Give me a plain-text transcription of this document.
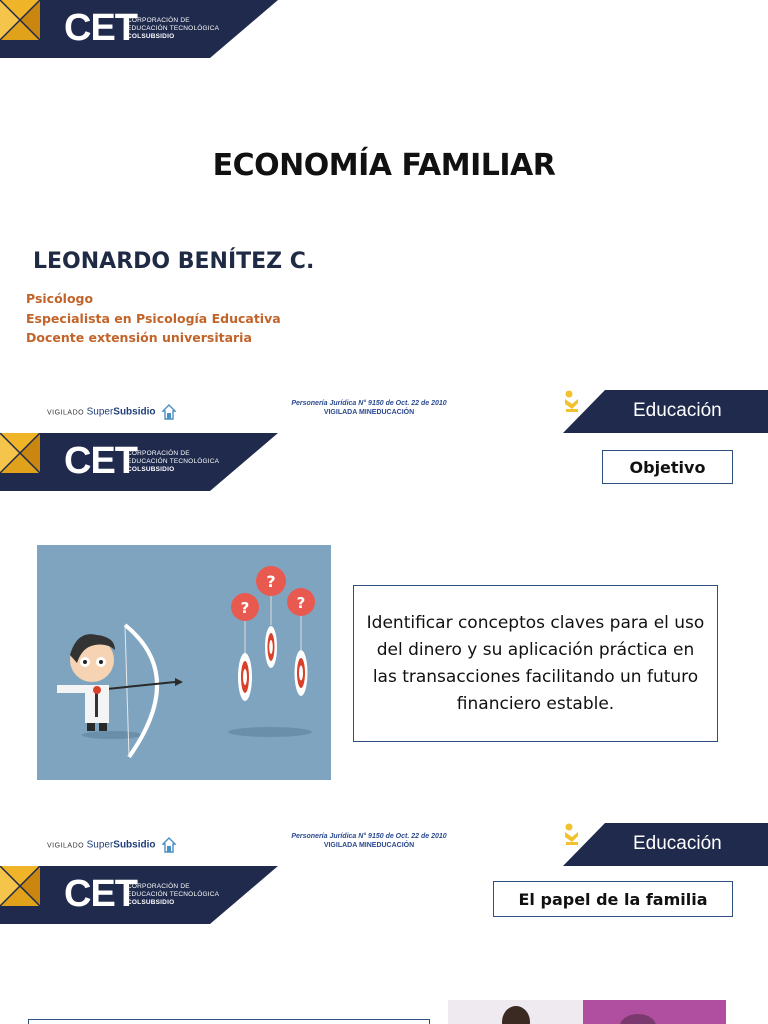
CET
CORPORACIÓN DE
EDUCACIÓN TECNOLÓGICA
COLSUBSIDIO
ECONOMÍA FAMILIAR
LEONARDO BENÍTEZ C.
Psicólogo
Especialista en Psicología Educativa
Docente extensión universitaria
VIGILADO SuperSubsidio
Personería Jurídica N° 9150 de Oct. 22 de 2010
VIGILADA MINEDUCACIÓN	Educación
CET
CORPORACIÓN DE
EDUCACIÓN TECNOLÓGICA
COLSUBSIDIO	Objetivo
?
?
?
Identificar conceptos claves para el uso del dinero y su aplicación práctica en las transacciones facilitando un futuro financiero estable.
VIGILADO SuperSubsidio
Personería Jurídica N° 9150 de Oct. 22 de 2010
VIGILADA MINEDUCACIÓN	Educación
CET
CORPORACIÓN DE
EDUCACIÓN TECNOLÓGICA
COLSUBSIDIO	El papel de la familia
